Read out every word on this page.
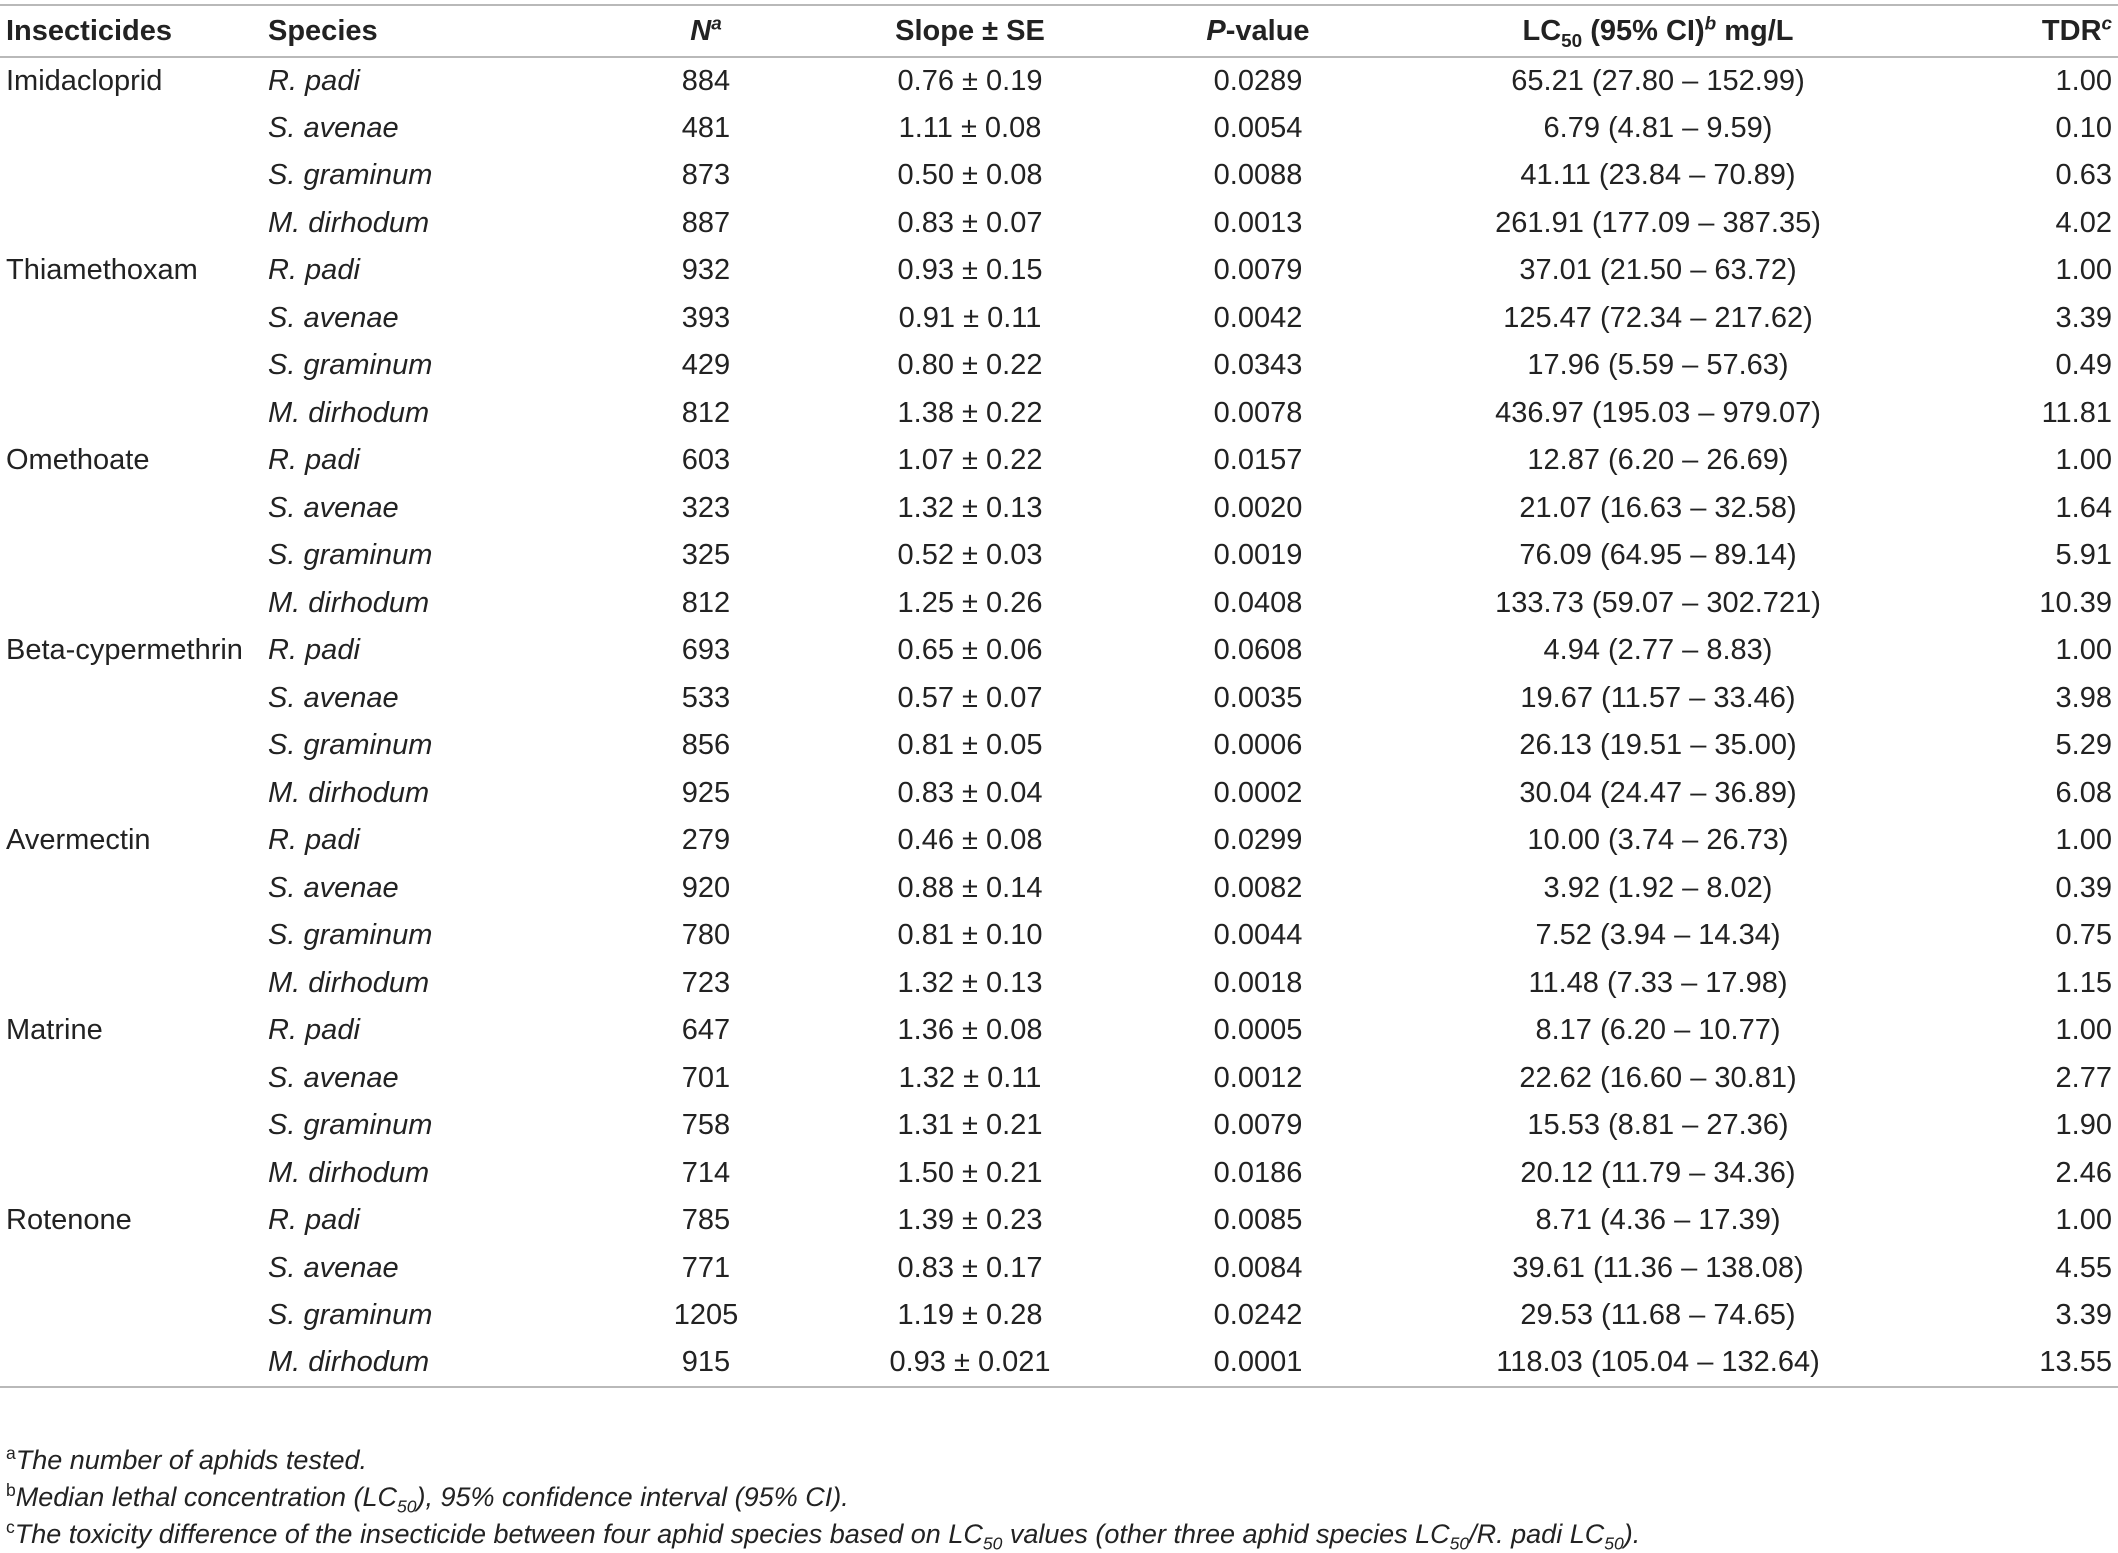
Insecticides	Species	$N^a$	Slope ± SE	P-value	$LC_{50}$ (95% CI)$^b$ mg/L	TDR$^c$
Imidacloprid	R. padi	884	0.76 ± 0.19	0.0289	65.21 (27.80 – 152.99)	1.00
	S. avenae	481	1.11 ± 0.08	0.0054	6.79 (4.81 – 9.59)	0.10
	S. graminum	873	0.50 ± 0.08	0.0088	41.11 (23.84 – 70.89)	0.63
	M. dirhodum	887	0.83 ± 0.07	0.0013	261.91 (177.09 – 387.35)	4.02
Thiamethoxam	R. padi	932	0.93 ± 0.15	0.0079	37.01 (21.50 – 63.72)	1.00
	S. avenae	393	0.91 ± 0.11	0.0042	125.47 (72.34 – 217.62)	3.39
	S. graminum	429	0.80 ± 0.22	0.0343	17.96 (5.59 – 57.63)	0.49
	M. dirhodum	812	1.38 ± 0.22	0.0078	436.97 (195.03 – 979.07)	11.81
Omethoate	R. padi	603	1.07 ± 0.22	0.0157	12.87 (6.20 – 26.69)	1.00
	S. avenae	323	1.32 ± 0.13	0.0020	21.07 (16.63 – 32.58)	1.64
	S. graminum	325	0.52 ± 0.03	0.0019	76.09 (64.95 – 89.14)	5.91
	M. dirhodum	812	1.25 ± 0.26	0.0408	133.73 (59.07 – 302.721)	10.39
Beta-cypermethrin	R. padi	693	0.65 ± 0.06	0.0608	4.94 (2.77 – 8.83)	1.00
	S. avenae	533	0.57 ± 0.07	0.0035	19.67 (11.57 – 33.46)	3.98
	S. graminum	856	0.81 ± 0.05	0.0006	26.13 (19.51 – 35.00)	5.29
	M. dirhodum	925	0.83 ± 0.04	0.0002	30.04 (24.47 – 36.89)	6.08
Avermectin	R. padi	279	0.46 ± 0.08	0.0299	10.00 (3.74 – 26.73)	1.00
	S. avenae	920	0.88 ± 0.14	0.0082	3.92 (1.92 – 8.02)	0.39
	S. graminum	780	0.81 ± 0.10	0.0044	7.52 (3.94 – 14.34)	0.75
	M. dirhodum	723	1.32 ± 0.13	0.0018	11.48 (7.33 – 17.98)	1.15
Matrine	R. padi	647	1.36 ± 0.08	0.0005	8.17 (6.20 – 10.77)	1.00
	S. avenae	701	1.32 ± 0.11	0.0012	22.62 (16.60 – 30.81)	2.77
	S. graminum	758	1.31 ± 0.21	0.0079	15.53 (8.81 – 27.36)	1.90
	M. dirhodum	714	1.50 ± 0.21	0.0186	20.12 (11.79 – 34.36)	2.46
Rotenone	R. padi	785	1.39 ± 0.23	0.0085	8.71 (4.36 – 17.39)	1.00
	S. avenae	771	0.83 ± 0.17	0.0084	39.61 (11.36 – 138.08)	4.55
	S. graminum	1205	1.19 ± 0.28	0.0242	29.53 (11.68 – 74.65)	3.39
	M. dirhodum	915	0.93 ± 0.021	0.0001	118.03 (105.04 – 132.64)	13.55
$^a$The number of aphids tested.
$^b$Median lethal concentration $(LC_{50})$, 95% confidence interval (95% CI).
$^c$The toxicity difference of the insecticide between four aphid species based on $LC_{50}$ values (other three aphid species $LC_{50}/R$. padi $LC_{50}$).
